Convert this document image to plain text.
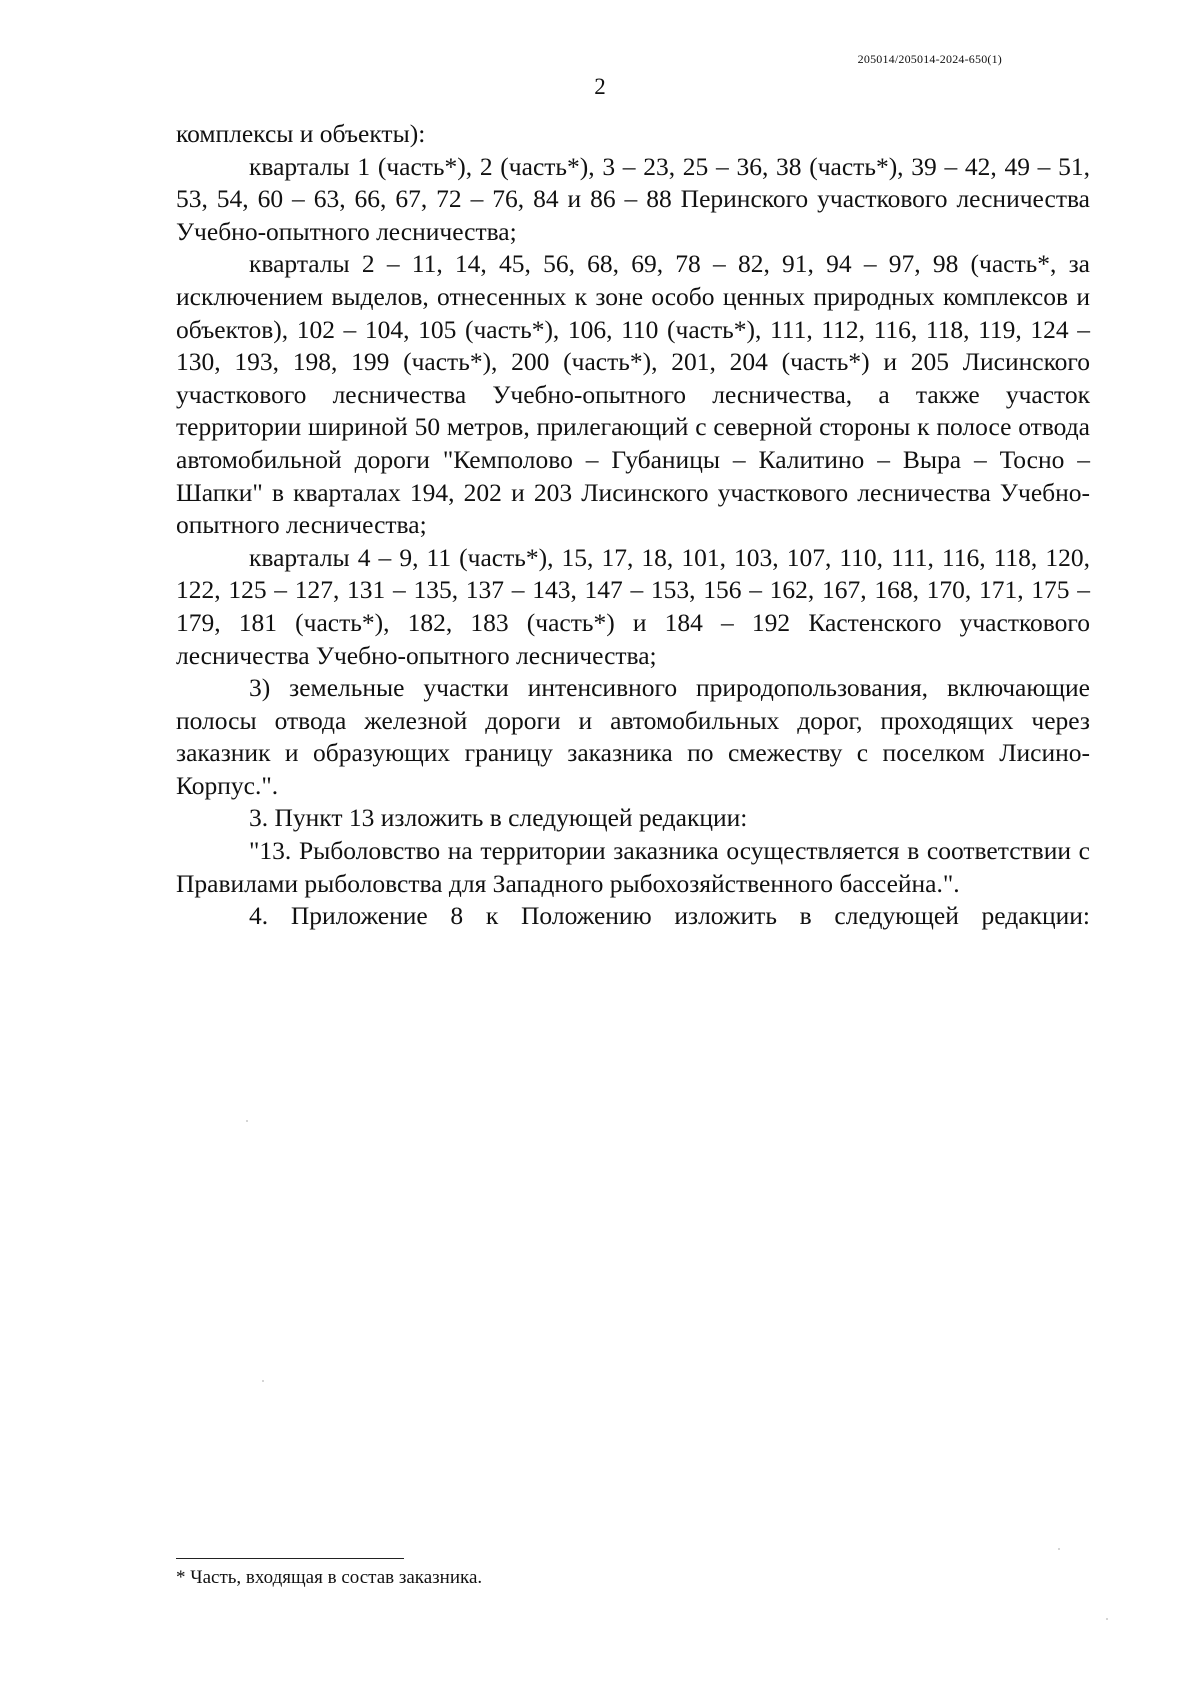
205014/205014-2024-650(1)
2

комплексы и объекты):

кварталы 1 (часть*), 2 (часть*), 3 – 23, 25 – 36, 38 (часть*), 39 – 42, 49 – 51, 53, 54, 60 – 63, 66, 67, 72 – 76, 84 и 86 – 88 Перинского участкового лесничества Учебно-опытного лесничества;

кварталы 2 – 11, 14, 45, 56, 68, 69, 78 – 82, 91, 94 – 97, 98 (часть*, за исключением выделов, отнесенных к зоне особо ценных природных комплексов и объектов), 102 – 104, 105 (часть*), 106, 110 (часть*), 111, 112, 116, 118, 119, 124 – 130, 193, 198, 199 (часть*), 200 (часть*), 201, 204 (часть*) и 205 Лисинского участкового лесничества Учебно-опытного лесничества, а также участок территории шириной 50 метров, прилегающий с северной стороны к полосе отвода автомобильной дороги "Кемполово – Губаницы – Калитино – Выра – Тосно – Шапки" в кварталах 194, 202 и 203 Лисинского участкового лесничества Учебно-опытного лесничества;

кварталы 4 – 9, 11 (часть*), 15, 17, 18, 101, 103, 107, 110, 111, 116, 118, 120, 122, 125 – 127, 131 – 135, 137 – 143, 147 – 153, 156 – 162, 167, 168, 170, 171, 175 – 179, 181 (часть*), 182, 183 (часть*) и 184 – 192 Кастенского участкового лесничества Учебно-опытного лесничества;

3) земельные участки интенсивного природопользования, включающие полосы отвода железной дороги и автомобильных дорог, проходящих через заказник и образующих границу заказника по смежеству с поселком Лисино-Корпус.".

3. Пункт 13 изложить в следующей редакции:

"13. Рыболовство на территории заказника осуществляется в соответствии с Правилами рыболовства для Западного рыбохозяйственного бассейна.".

4. Приложение 8 к Положению изложить в следующей редакции:

* Часть, входящая в состав заказника.
